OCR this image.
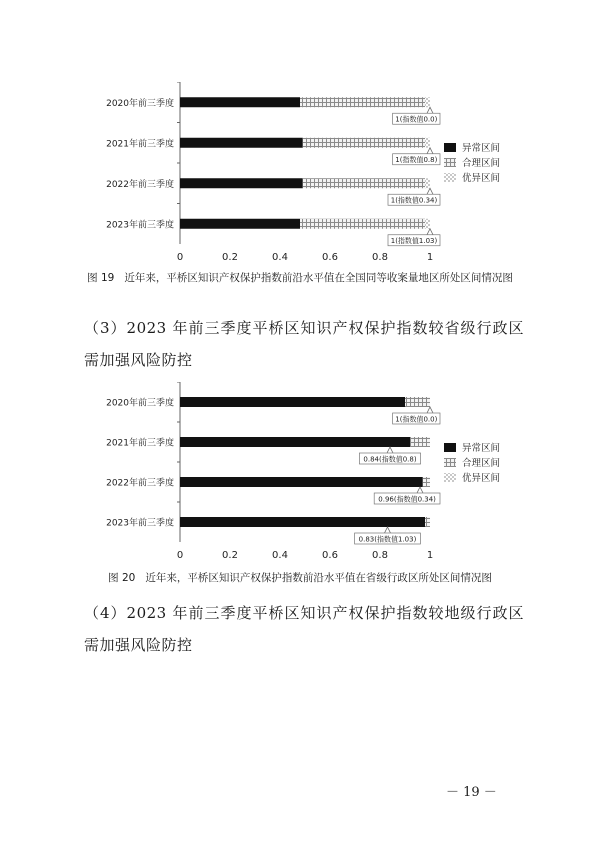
2020年前三季度
1(指数值0.0)
2021年前三季度
1(指数值0.8)
2022年前三季度
1(指数值0.34)
2023年前三季度
1(指数值1.03)
0	0.2	0.4	0.6	0.8	1
异常区间
合理区间
优异区间
图 19 近年来，平桥区知识产权保护指数前沿水平值在全国同等收案量地区所处区间情况图
（3）2023 年前三季度平桥区知识产权保护指数较省级行政区需加强风险防控
2020年前三季度
1(指数值0.0)
2021年前三季度
0.84(指数值0.8)
2022年前三季度
0.96(指数值0.34)
2023年前三季度
0.83(指数值1.03)
0	0.2	0.4	0.6	0.8	1
异常区间
合理区间
优异区间
图 20 近年来，平桥区知识产权保护指数前沿水平值在省级行政区所处区间情况图
（4）2023 年前三季度平桥区知识产权保护指数较地级行政区需加强风险防控
－ 19 －
